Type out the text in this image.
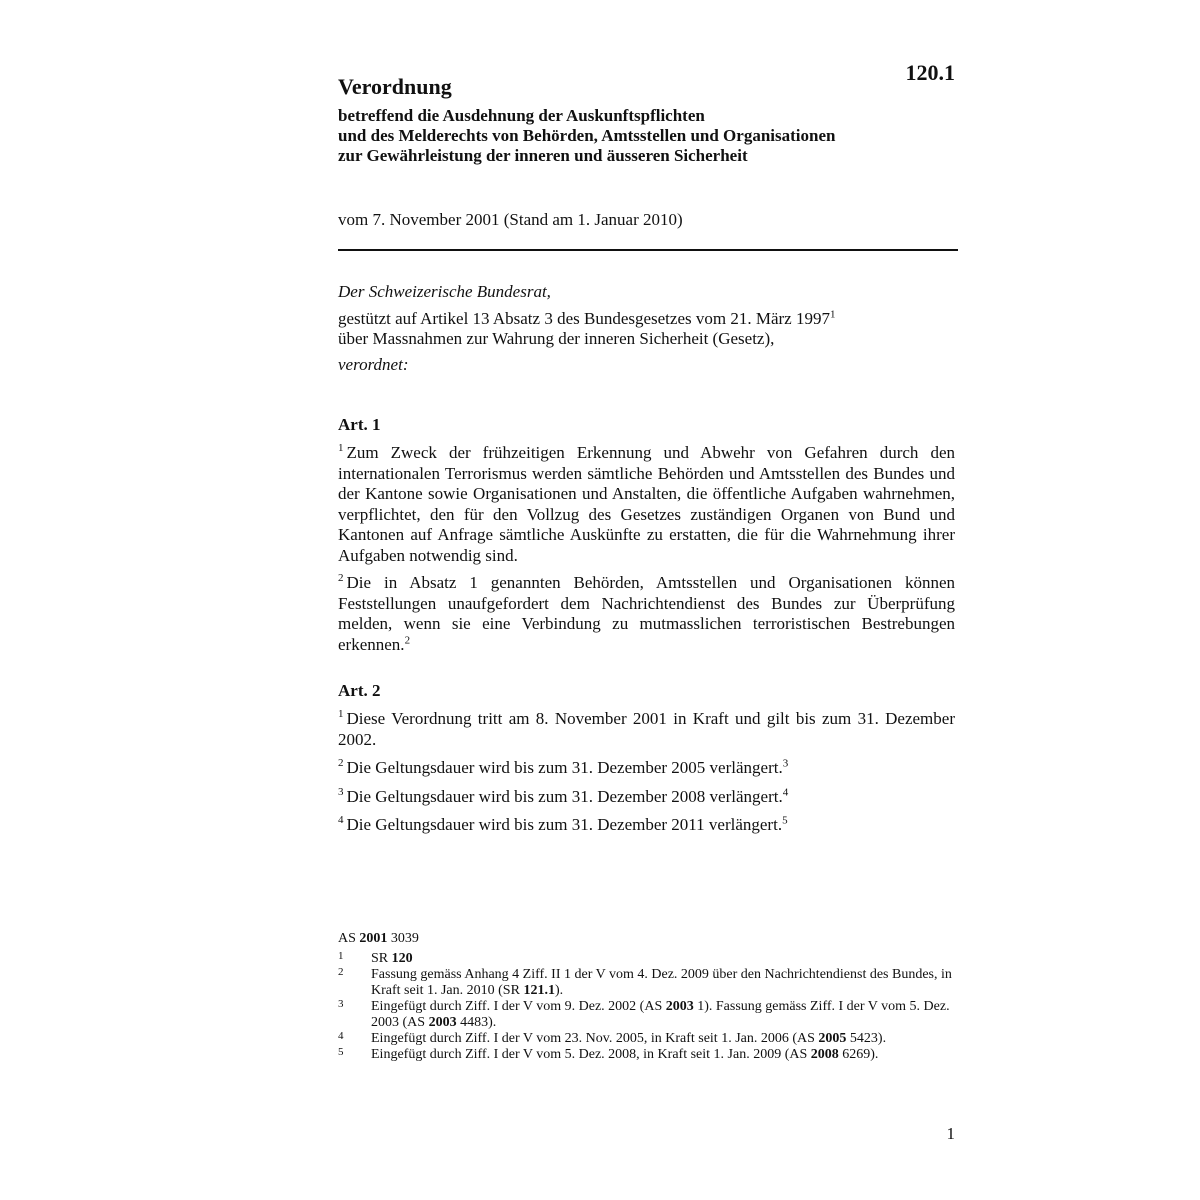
120.1
Verordnung
betreffend die Ausdehnung der Auskunftspflichten
und des Melderechts von Behörden, Amtsstellen und Organisationen
zur Gewährleistung der inneren und äusseren Sicherheit
vom 7. November 2001 (Stand am 1. Januar 2010)
Der Schweizerische Bundesrat,
gestützt auf Artikel 13 Absatz 3 des Bundesgesetzes vom 21. März 1997$^1$
über Massnahmen zur Wahrung der inneren Sicherheit (Gesetz),
verordnet:
Art. 1
$^1$ Zum Zweck der frühzeitigen Erkennung und Abwehr von Gefahren durch den internationalen Terrorismus werden sämtliche Behörden und Amtsstellen des Bundes und der Kantone sowie Organisationen und Anstalten, die öffentliche Aufgaben wahrnehmen, verpflichtet, den für den Vollzug des Gesetzes zuständigen Organen von Bund und Kantonen auf Anfrage sämtliche Auskünfte zu erstatten, die für die Wahrnehmung ihrer Aufgaben notwendig sind.
$^2$ Die in Absatz 1 genannten Behörden, Amtsstellen und Organisationen können Feststellungen unaufgefordert dem Nachrichtendienst des Bundes zur Überprüfung melden, wenn sie eine Verbindung zu mutmasslichen terroristischen Bestrebungen erkennen.$^2$
Art. 2
$^1$ Diese Verordnung tritt am 8. November 2001 in Kraft und gilt bis zum 31. Dezember 2002.
$^2$ Die Geltungsdauer wird bis zum 31. Dezember 2005 verlängert.$^3$
$^3$ Die Geltungsdauer wird bis zum 31. Dezember 2008 verlängert.$^4$
$^4$ Die Geltungsdauer wird bis zum 31. Dezember 2011 verlängert.$^5$
AS 2001 3039
1 SR 120
2 Fassung gemäss Anhang 4 Ziff. II 1 der V vom 4. Dez. 2009 über den Nachrichtendienst des Bundes, in Kraft seit 1. Jan. 2010 (SR 121.1).
3 Eingefügt durch Ziff. I der V vom 9. Dez. 2002 (AS 2003 1). Fassung gemäss Ziff. I der V vom 5. Dez. 2003 (AS 2003 4483).
4 Eingefügt durch Ziff. I der V vom 23. Nov. 2005, in Kraft seit 1. Jan. 2006 (AS 2005 5423).
5 Eingefügt durch Ziff. I der V vom 5. Dez. 2008, in Kraft seit 1. Jan. 2009 (AS 2008 6269).
1
